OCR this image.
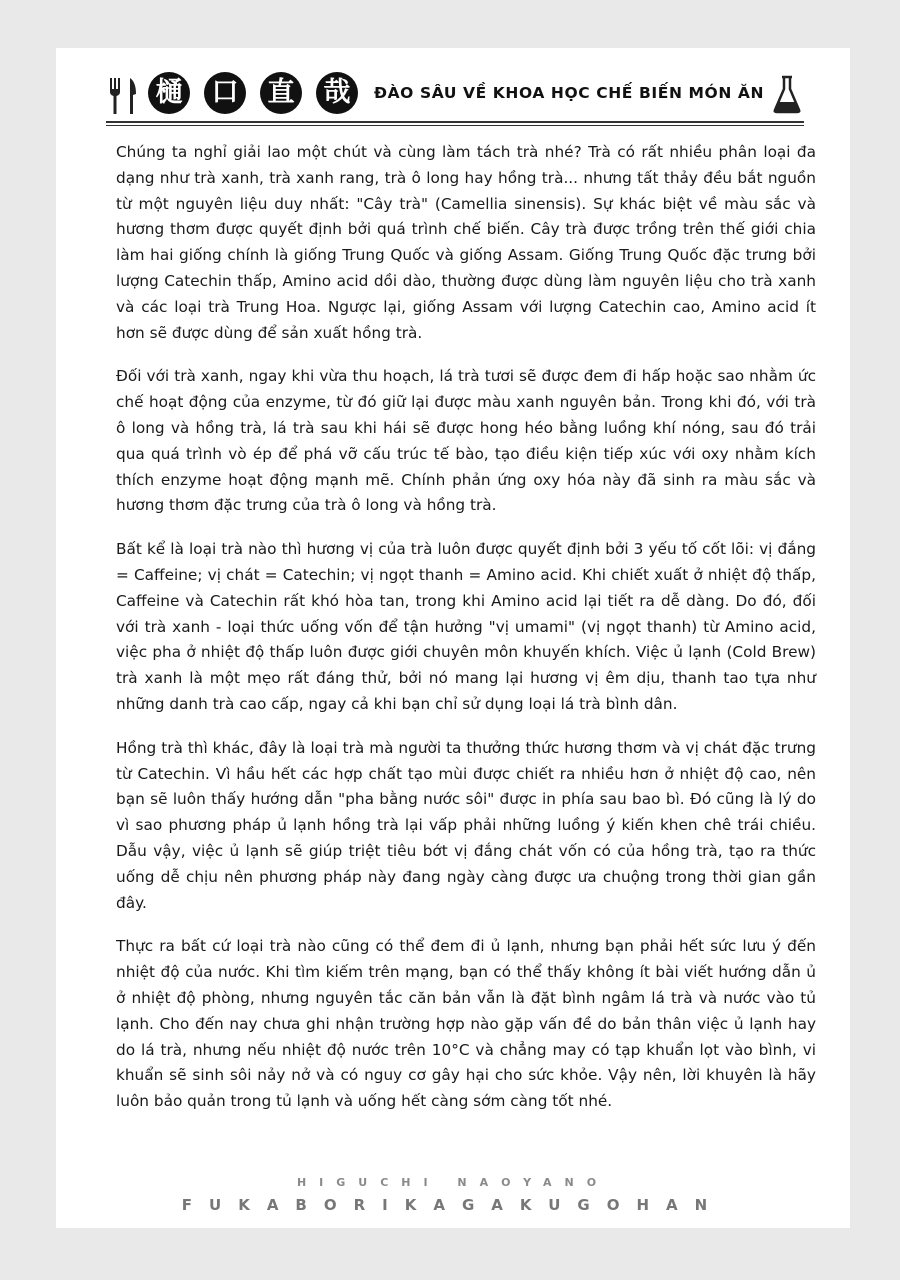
樋 口 直 哉	ĐÀO SÂU VỀ KHOA HỌC CHẾ BIẾN MÓN ĂN

Chúng ta nghỉ giải lao một chút và cùng làm tách trà nhé? Trà có rất nhiều phân loại đa dạng như trà xanh, trà xanh rang, trà ô long hay hồng trà... nhưng tất thảy đều bắt nguồn từ một nguyên liệu duy nhất: "Cây trà" (Camellia sinensis). Sự khác biệt về màu sắc và hương thơm được quyết định bởi quá trình chế biến. Cây trà được trồng trên thế giới chia làm hai giống chính là giống Trung Quốc và giống Assam. Giống Trung Quốc đặc trưng bởi lượng Catechin thấp, Amino acid dồi dào, thường được dùng làm nguyên liệu cho trà xanh và các loại trà Trung Hoa. Ngược lại, giống Assam với lượng Catechin cao, Amino acid ít hơn sẽ được dùng để sản xuất hồng trà.

Đối với trà xanh, ngay khi vừa thu hoạch, lá trà tươi sẽ được đem đi hấp hoặc sao nhằm ức chế hoạt động của enzyme, từ đó giữ lại được màu xanh nguyên bản. Trong khi đó, với trà ô long và hồng trà, lá trà sau khi hái sẽ được hong héo bằng luồng khí nóng, sau đó trải qua quá trình vò ép để phá vỡ cấu trúc tế bào, tạo điều kiện tiếp xúc với oxy nhằm kích thích enzyme hoạt động mạnh mẽ. Chính phản ứng oxy hóa này đã sinh ra màu sắc và hương thơm đặc trưng của trà ô long và hồng trà.

Bất kể là loại trà nào thì hương vị của trà luôn được quyết định bởi 3 yếu tố cốt lõi: vị đắng = Caffeine; vị chát = Catechin; vị ngọt thanh = Amino acid. Khi chiết xuất ở nhiệt độ thấp, Caffeine và Catechin rất khó hòa tan, trong khi Amino acid lại tiết ra dễ dàng. Do đó, đối với trà xanh - loại thức uống vốn để tận hưởng "vị umami" (vị ngọt thanh) từ Amino acid, việc pha ở nhiệt độ thấp luôn được giới chuyên môn khuyến khích. Việc ủ lạnh (Cold Brew) trà xanh là một mẹo rất đáng thử, bởi nó mang lại hương vị êm dịu, thanh tao tựa như những danh trà cao cấp, ngay cả khi bạn chỉ sử dụng loại lá trà bình dân.

Hồng trà thì khác, đây là loại trà mà người ta thưởng thức hương thơm và vị chát đặc trưng từ Catechin. Vì hầu hết các hợp chất tạo mùi được chiết ra nhiều hơn ở nhiệt độ cao, nên bạn sẽ luôn thấy hướng dẫn "pha bằng nước sôi" được in phía sau bao bì. Đó cũng là lý do vì sao phương pháp ủ lạnh hồng trà lại vấp phải những luồng ý kiến khen chê trái chiều. Dẫu vậy, việc ủ lạnh sẽ giúp triệt tiêu bớt vị đắng chát vốn có của hồng trà, tạo ra thức uống dễ chịu nên phương pháp này đang ngày càng được ưa chuộng trong thời gian gần đây.

Thực ra bất cứ loại trà nào cũng có thể đem đi ủ lạnh, nhưng bạn phải hết sức lưu ý đến nhiệt độ của nước. Khi tìm kiếm trên mạng, bạn có thể thấy không ít bài viết hướng dẫn ủ ở nhiệt độ phòng, nhưng nguyên tắc căn bản vẫn là đặt bình ngâm lá trà và nước vào tủ lạnh. Cho đến nay chưa ghi nhận trường hợp nào gặp vấn đề do bản thân việc ủ lạnh hay do lá trà, nhưng nếu nhiệt độ nước trên 10°C và chẳng may có tạp khuẩn lọt vào bình, vi khuẩn sẽ sinh sôi nảy nở và có nguy cơ gây hại cho sức khỏe. Vậy nên, lời khuyên là hãy luôn bảo quản trong tủ lạnh và uống hết càng sớm càng tốt nhé.

HIGUCHI NAOYANO
FUKABORIKAGAKUGOHAN
